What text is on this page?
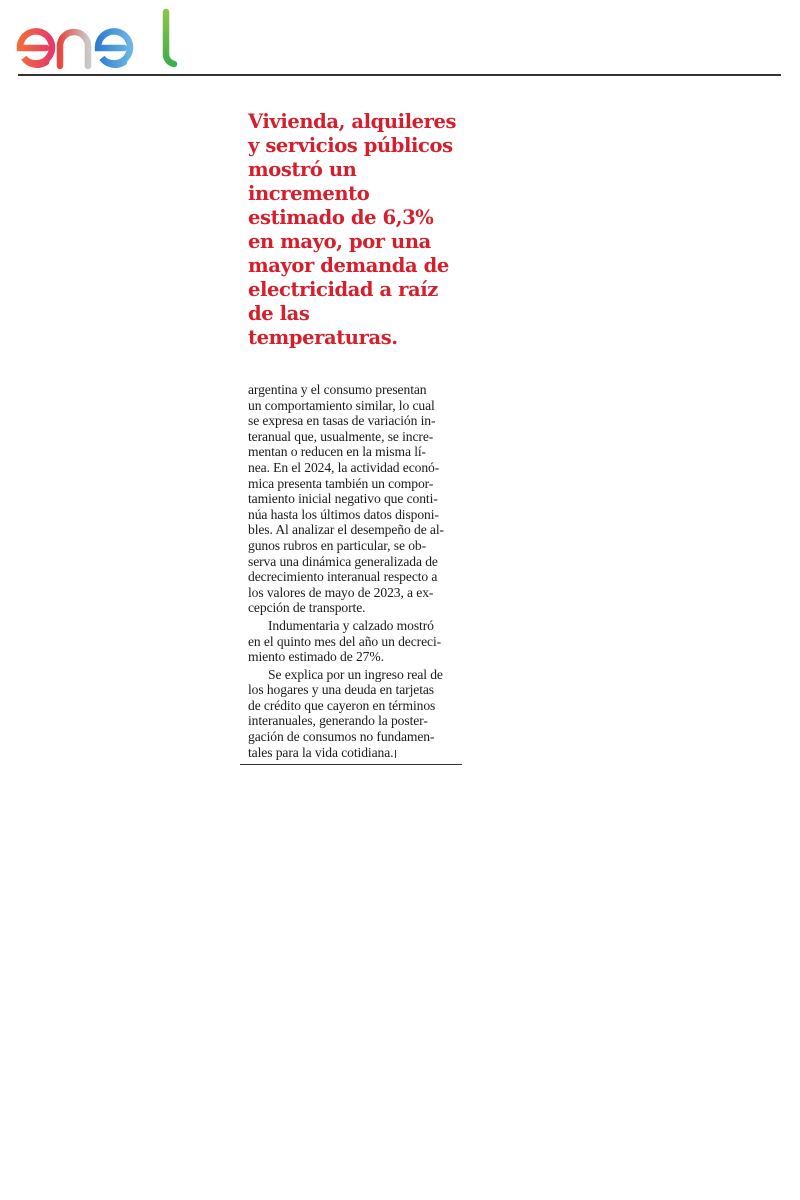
Vivienda, alquileres
y servicios públicos
mostró un
incremento
estimado de 6,3%
en mayo, por una
mayor demanda de
electricidad a raíz
de las
temperaturas.

argentina y el consumo presentan
un comportamiento similar, lo cual
se expresa en tasas de variación in-
teranual que, usualmente, se incre-
mentan o reducen en la misma lí-
nea. En el 2024, la actividad econó-
mica presenta también un compor-
tamiento inicial negativo que conti-
núa hasta los últimos datos disponi-
bles. Al analizar el desempeño de al-
gunos rubros en particular, se ob-
serva una dinámica generalizada de
decrecimiento interanual respecto a
los valores de mayo de 2023, a ex-
cepción de transporte.

Indumentaria y calzado mostró
en el quinto mes del año un decreci-
miento estimado de 27%.

Se explica por un ingreso real de
los hogares y una deuda en tarjetas
de crédito que cayeron en términos
interanuales, generando la poster-
gación de consumos no fundamen-
tales para la vida cotidiana.
